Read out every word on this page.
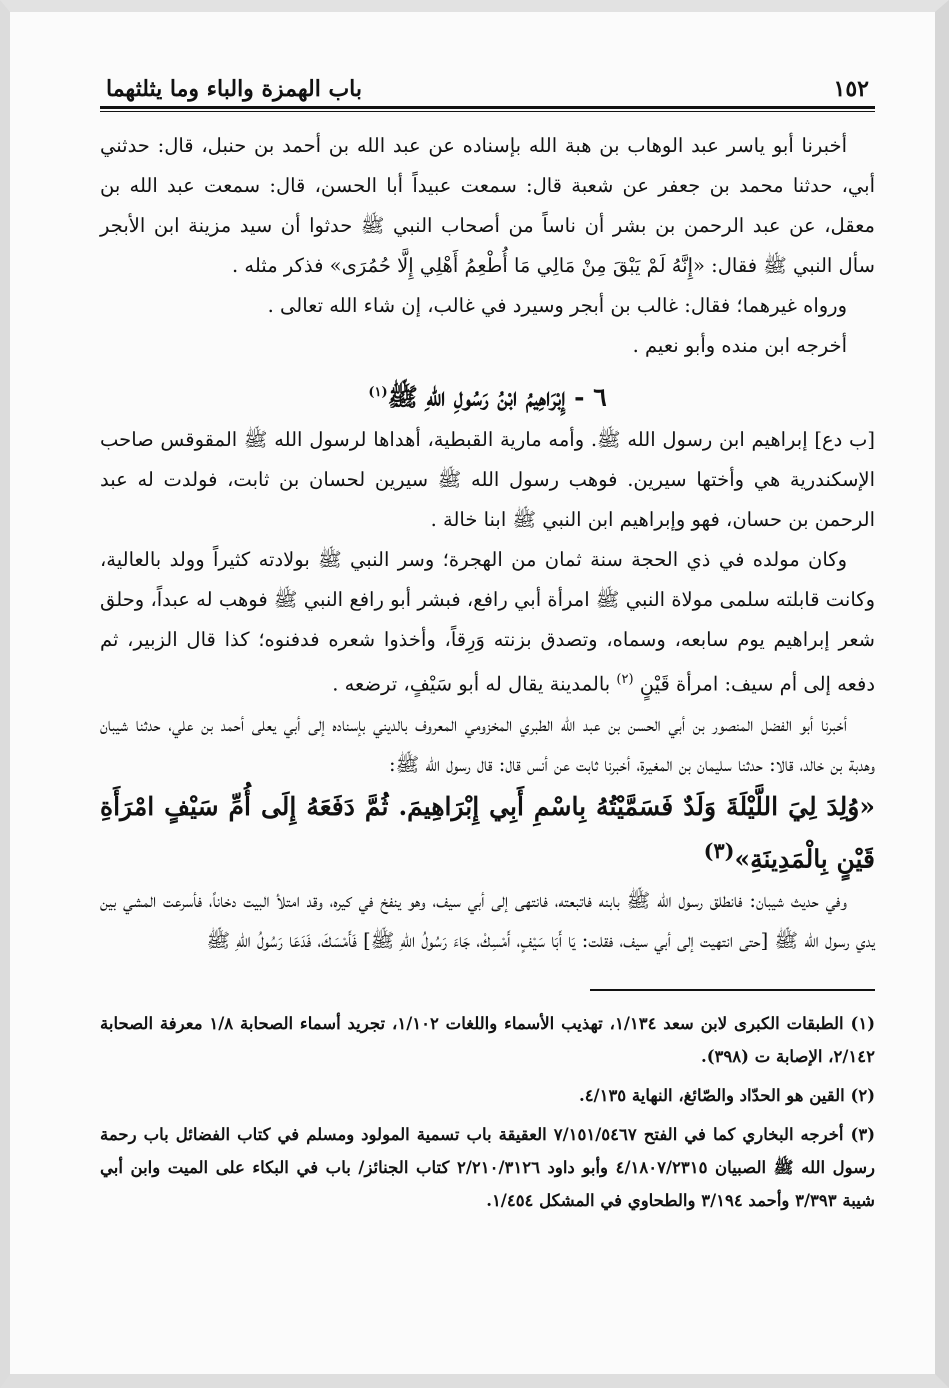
١٥٢
باب الهمزة والباء وما يثلثهما

أخبرنا أبو ياسر عبد الوهاب بن هبة الله بإسناده عن عبد الله بن أحمد بن حنبل، قال: حدثني أبي، حدثنا محمد بن جعفر عن شعبة قال: سمعت عبيداً أبا الحسن، قال: سمعت عبد الله بن معقل، عن عبد الرحمن بن بشر أن ناساً من أصحاب النبي ﷺ حدثوا أن سيد مزينة ابن الأبجر سأل النبي ﷺ فقال: «إِنَّهُ لَمْ يَبْقَ مِنْ مَالِي مَا أُطْعِمُ أَهْلِي إِلَّا حُمُرَى» فذكر مثله .

ورواه غيرهما؛ فقال: غالب بن أبجر وسيرد في غالب، إن شاء الله تعالى .

أخرجه ابن منده وأبو نعيم .

٦ - إِبْرَاهِيمُ ابْنُ رَسُولِ اللهِ ﷺ$^{(١)}$

[ب دع] إبراهيم ابن رسول الله ﷺ. وأمه مارية القبطية، أهداها لرسول الله ﷺ المقوقس صاحب الإسكندرية هي وأختها سيرين. فوهب رسول الله ﷺ سيرين لحسان بن ثابت، فولدت له عبد الرحمن بن حسان، فهو وإبراهيم ابن النبي ﷺ ابنا خالة .

وكان مولده في ذي الحجة سنة ثمان من الهجرة؛ وسر النبي ﷺ بولادته كثيراً وولد بالعالية، وكانت قابلته سلمى مولاة النبي ﷺ امرأة أبي رافع، فبشر أبو رافع النبي ﷺ فوهب له عبداً، وحلق شعر إبراهيم يوم سابعه، وسماه، وتصدق بزنته وَرِقاً، وأخذوا شعره فدفنوه؛ كذا قال الزبير، ثم دفعه إلى أم سيف: امرأة قَيْنٍ $^{(٢)}$ بالمدينة يقال له أبو سَيْفٍ، ترضعه .

أخبرنا أبو الفضل المنصور بن أبي الحسن بن عبد الله الطبري المخزومي المعروف بالديني بإسناده إلى أبي يعلى أحمد بن علي، حدثنا شيبان وهدبة بن خالد، قالا: حدثنا سليمان بن المغيرة، أخبرنا ثابت عن أنس قال: قال رسول الله ﷺ:

«وُلِدَ لِيَ اللَّيْلَةَ وَلَدٌ فَسَمَّيْتُهُ بِاسْمِ أَبِي إِبْرَاهِيمَ. ثُمَّ دَفَعَهُ إِلَى أُمِّ سَيْفٍ امْرَأَةِ قَيْنٍ بِالْمَدِينَةِ»$^{(٣)}$

وفي حديث شيبان: فانطلق رسول الله ﷺ بابنه فاتبعته، فانتهى إلى أبي سيف، وهو ينفخ في كيره، وقد امتلأ البيت دخاناً، فأسرعت المشي بين يدي رسول الله ﷺ [حتى انتهيت إلى أبي سيف، فقلت: يَا أَبَا سَيْفٍ، أَمْسِكْ، جَاءَ رَسُولُ اللهِ ﷺ] فَأَمْسَكَ، فَدَعَا رَسُولُ اللهِ ﷺ

(١) الطبقات الكبرى لابن سعد ١/١٣٤، تهذيب الأسماء واللغات ١/١٠٢، تجريد أسماء الصحابة ١/٨ معرفة الصحابة ٢/١٤٢، الإصابة ت (٣٩٨).

(٢) القين هو الحدّاد والصّائغ، النهاية ٤/١٣٥.

(٣) أخرجه البخاري كما في الفتح ٧/١٥١/٥٤٦٧ العقيقة باب تسمية المولود ومسلم في كتاب الفضائل باب رحمة رسول الله ﷺ الصبيان ٤/١٨٠٧/٢٣١٥ وأبو داود ٢/٢١٠/٣١٢٦ كتاب الجنائز/ باب في البكاء على الميت وابن أبي شيبة ٣/٣٩٣ وأحمد ٣/١٩٤ والطحاوي في المشكل ١/٤٥٤.
